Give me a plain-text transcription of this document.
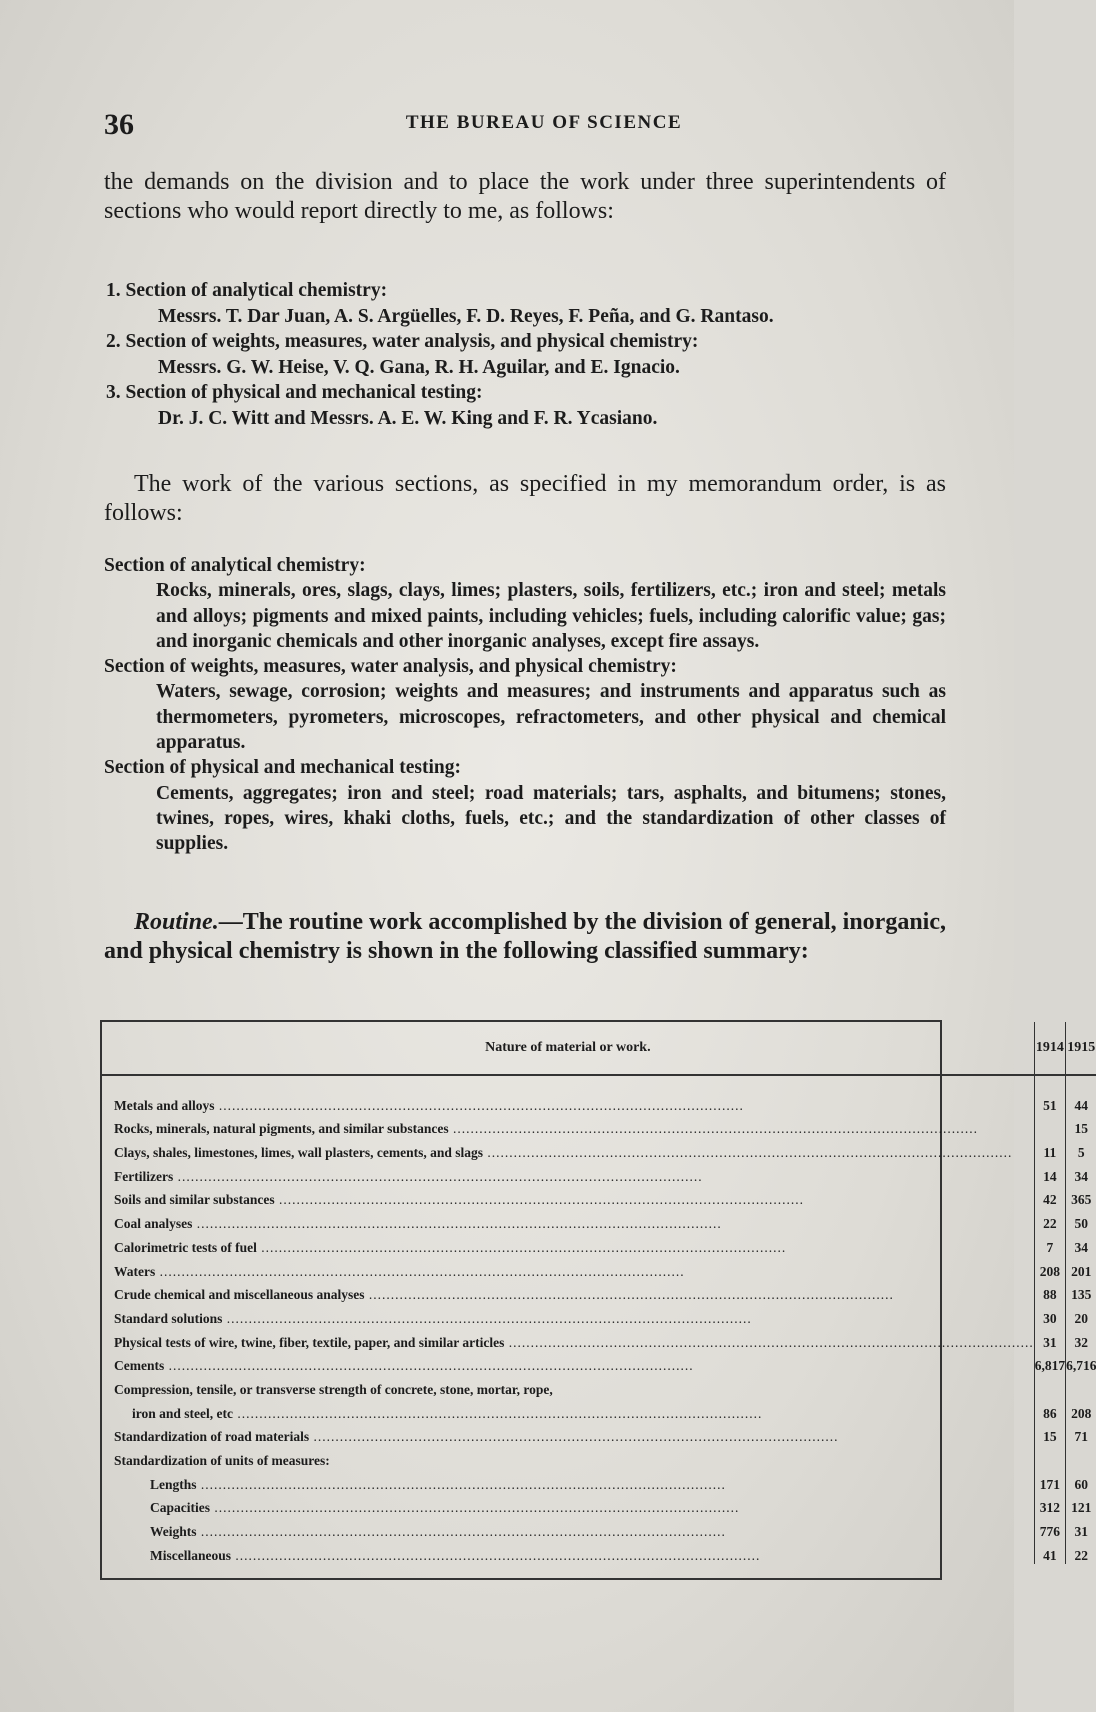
36	THE BUREAU OF SCIENCE

the demands on the division and to place the work under three superintendents of sections who would report directly to me, as follows:

1. Section of analytical chemistry:
Messrs. T. Dar Juan, A. S. Argüelles, F. D. Reyes, F. Peña, and G. Rantaso.
2. Section of weights, measures, water analysis, and physical chemistry:
Messrs. G. W. Heise, V. Q. Gana, R. H. Aguilar, and E. Ignacio.
3. Section of physical and mechanical testing:
Dr. J. C. Witt and Messrs. A. E. W. King and F. R. Ycasiano.

The work of the various sections, as specified in my memorandum order, is as follows:

Section of analytical chemistry:

Rocks, minerals, ores, slags, clays, limes; plasters, soils, fertilizers, etc.; iron and steel; metals and alloys; pigments and mixed paints, including vehicles; fuels, including calorific value; gas; and inorganic chemicals and other inorganic analyses, except fire assays.

Section of weights, measures, water analysis, and physical chemistry:

Waters, sewage, corrosion; weights and measures; and instruments and apparatus such as thermometers, pyrometers, microscopes, refractometers, and other physical and chemical apparatus.

Section of physical and mechanical testing:

Cements, aggregates; iron and steel; road materials; tars, asphalts, and bitumens; stones, twines, ropes, wires, khaki cloths, fuels, etc.; and the standardization of other classes of supplies.

Routine.—The routine work accomplished by the division of general, inorganic, and physical chemistry is shown in the following classified summary:

Nature of material or work.	1914	1915
Metals and alloys .....	51	44
Rocks, minerals, natural pigments, and similar substances .....		15
Clays, shales, limestones, limes, wall plasters, cements, and slags .....	11	5
Fertilizers .....	14	34
Soils and similar substances .....	42	365
Coal analyses .....	22	50
Calorimetric tests of fuel .....	7	34
Waters .....	208	201
Crude chemical and miscellaneous analyses .....	88	135
Standard solutions .....	30	20
Physical tests of wire, twine, fiber, textile, paper, and similar articles .....	31	32
Cements .....	6,817	6,716
Compression, tensile, or transverse strength of concrete, stone, mortar, rope,		
iron and steel, etc .....	86	208
Standardization of road materials .....	15	71
Standardization of units of measures:		
Lengths .....	171	60
Capacities .....	312	121
Weights .....	776	31
Miscellaneous .....	41	22
